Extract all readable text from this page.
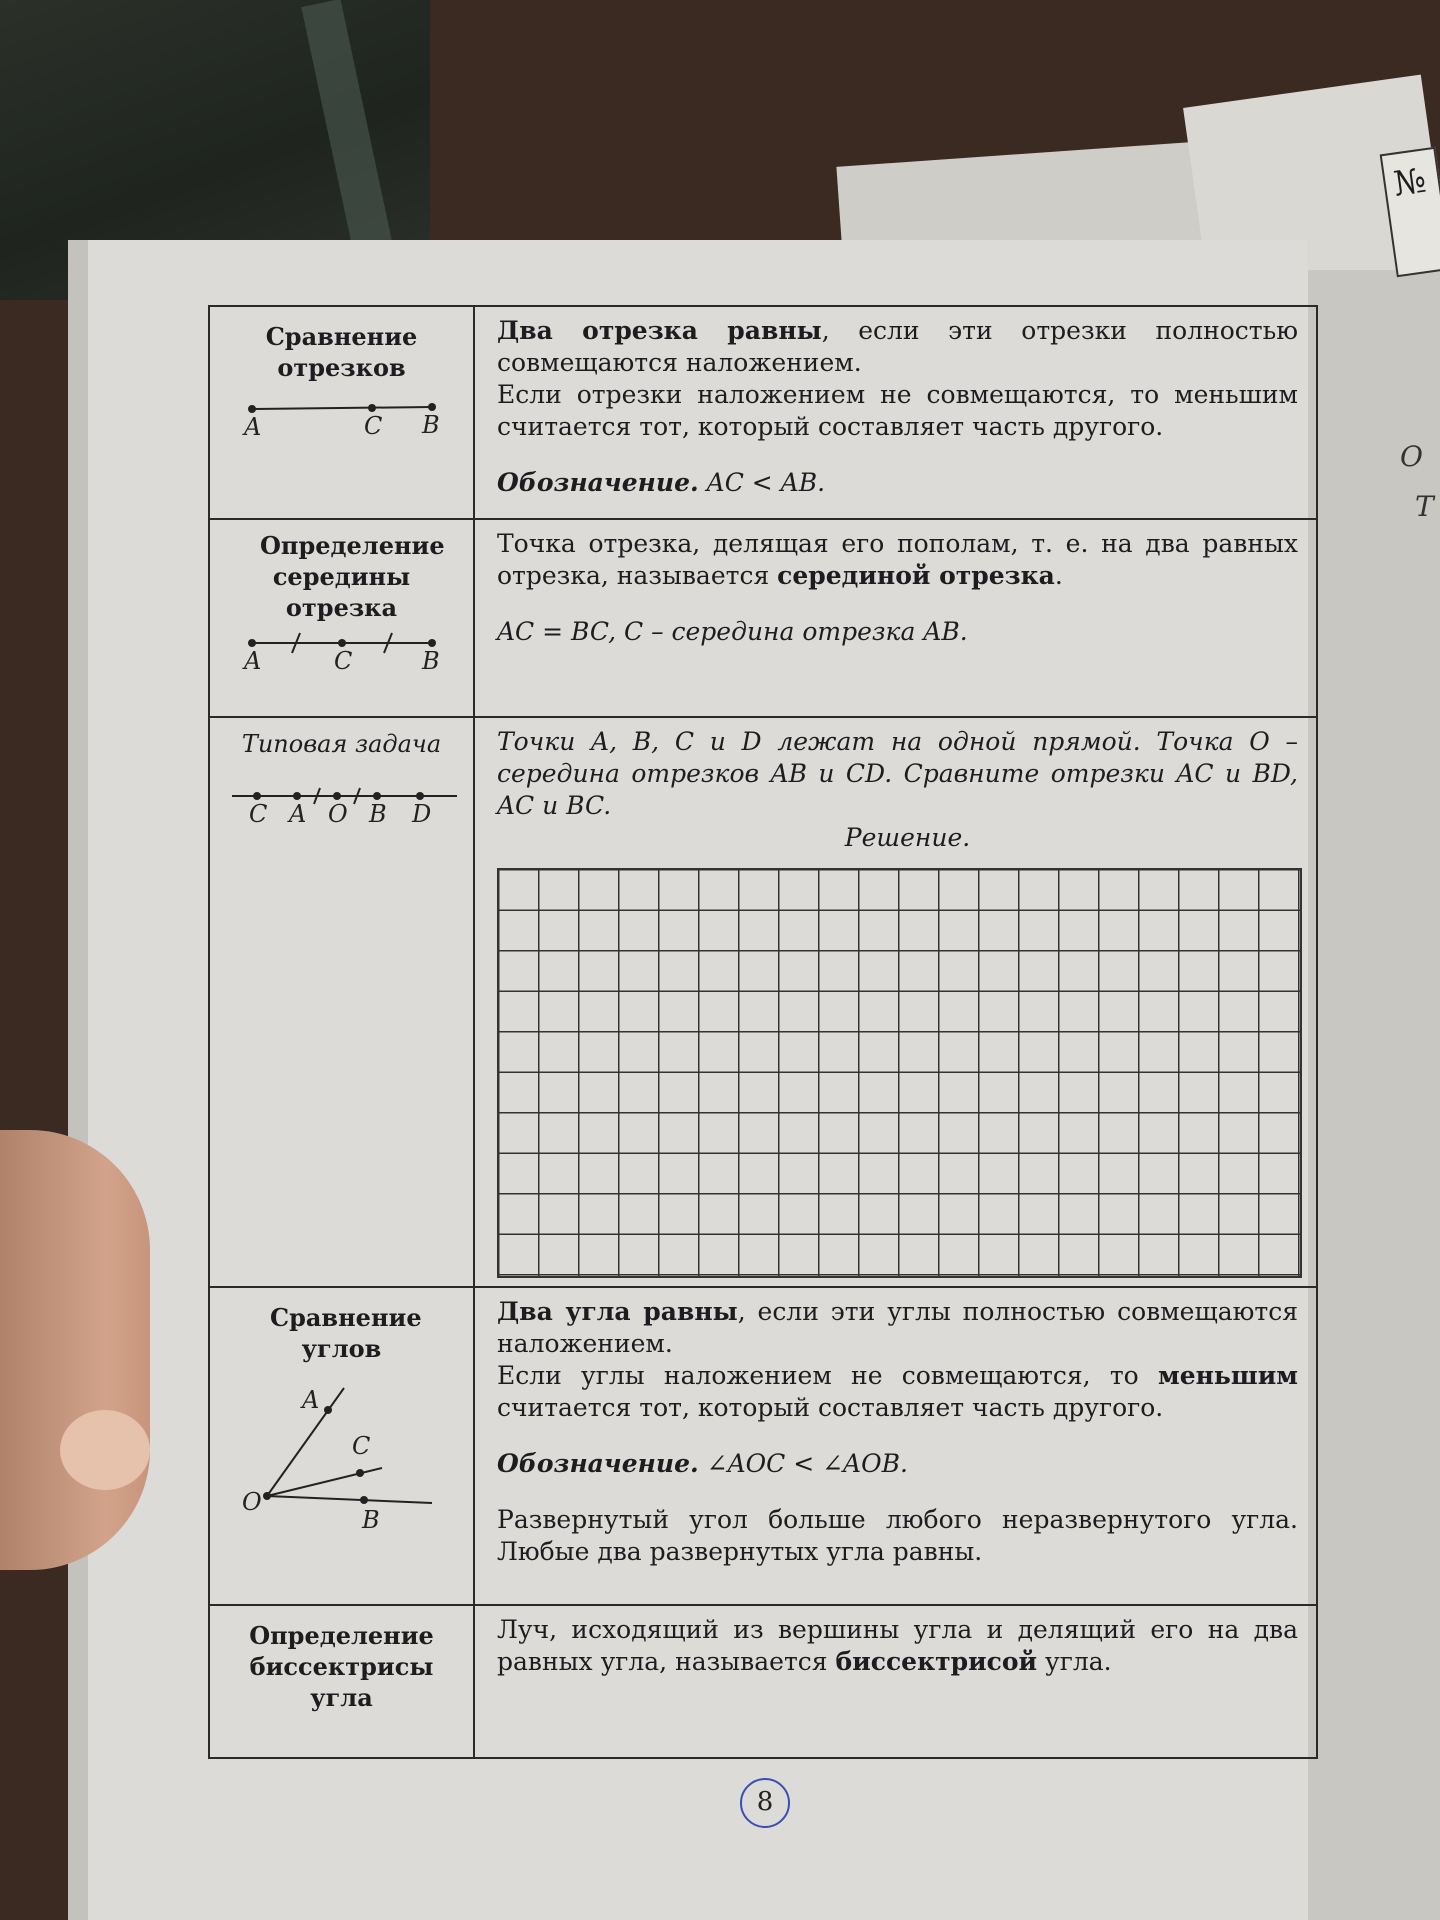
№
O
T
Сравнение отрезков
A	C B

Два отрезка равны, если эти отрезки полностью совмещаются наложением.

Если отрезки наложением не совмещаются, то меньшим считается тот, который составляет часть другого.

Обозначение. AC < AB.

Определение середины отрезка
A	C	B

Точка отрезка, делящая его пополам, т. е. на два равных отрезка, называется серединой отрезка.

AC = BC, C – середина отрезка AB.

Типовая задача
C A O B D

Точки A, B, C и D лежат на одной прямой. Точка O – середина отрезков AB и CD. Сравните отрезки AC и BD, AC и BC.

Решение.

Сравнение углов
A
C
O
B

Два угла равны, если эти углы полностью совмещаются наложением.

Если углы наложением не совмещаются, то меньшим считается тот, который составляет часть другого.

Обозначение. ∠AOC < ∠AOB.

Развернутый угол больше любого неразвернутого угла. Любые два развернутых угла равны.

Определение биссектрисы угла

Луч, исходящий из вершины угла и делящий его на два равных угла, называется биссектрисой угла.

8
